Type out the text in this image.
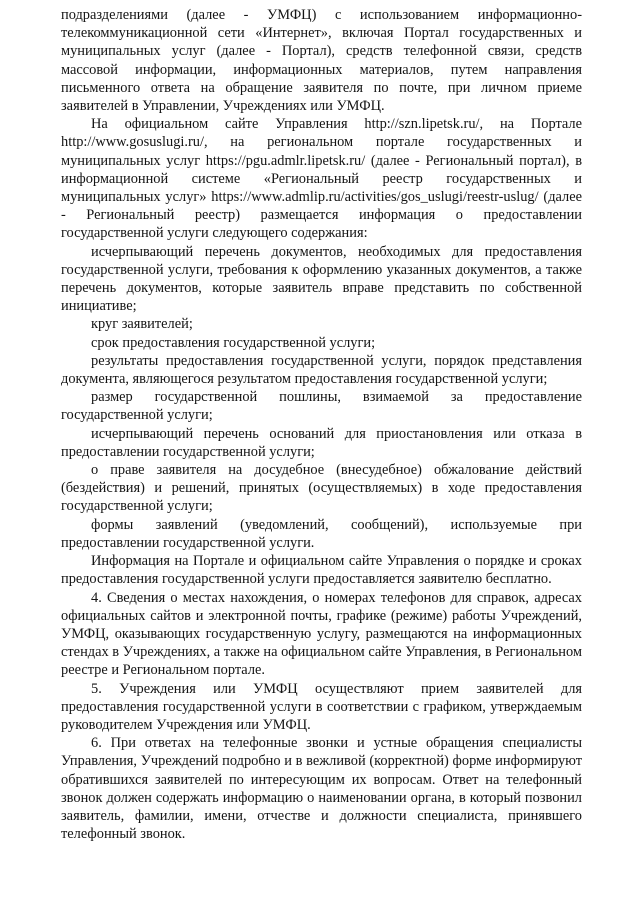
подразделениями (далее - УМФЦ) с использованием информационно-телекоммуникационной сети «Интернет», включая Портал государственных и муниципальных услуг (далее - Портал), средств телефонной связи, средств массовой информации, информационных материалов, путем направления письменного ответа на обращение заявителя по почте, при личном приеме заявителей в Управлении, Учреждениях или УМФЦ.

На официальном сайте Управления http://szn.lipetsk.ru/, на Портале http://www.gosuslugi.ru/, на региональном портале государственных и муниципальных услуг https://pgu.admlr.lipetsk.ru/ (далее - Региональный портал), в информационной системе «Региональный реестр государственных и муниципальных услуг» https://www.admlip.ru/activities/gos_uslugi/reestr-uslug/ (далее - Региональный реестр) размещается информация о предоставлении государственной услуги следующего содержания:

исчерпывающий перечень документов, необходимых для предоставления государственной услуги, требования к оформлению указанных документов, а также перечень документов, которые заявитель вправе представить по собственной инициативе;

круг заявителей;

срок предоставления государственной услуги;

результаты предоставления государственной услуги, порядок представления документа, являющегося результатом предоставления государственной услуги;

размер государственной пошлины, взимаемой за предоставление государственной услуги;

исчерпывающий перечень оснований для приостановления или отказа в предоставлении государственной услуги;

о праве заявителя на досудебное (внесудебное) обжалование действий (бездействия) и решений, принятых (осуществляемых) в ходе предоставления государственной услуги;

формы заявлений (уведомлений, сообщений), используемые при предоставлении государственной услуги.

Информация на Портале и официальном сайте Управления о порядке и сроках предоставления государственной услуги предоставляется заявителю бесплатно.

4. Сведения о местах нахождения, о номерах телефонов для справок, адресах официальных сайтов и электронной почты, графике (режиме) работы Учреждений, УМФЦ, оказывающих государственную услугу, размещаются на информационных стендах в Учреждениях, а также на официальном сайте Управления, в Региональном реестре и Региональном портале.

5. Учреждения или УМФЦ осуществляют прием заявителей для предоставления государственной услуги в соответствии с графиком, утверждаемым руководителем Учреждения или УМФЦ.

6. При ответах на телефонные звонки и устные обращения специалисты Управления, Учреждений подробно и в вежливой (корректной) форме информируют обратившихся заявителей по интересующим их вопросам. Ответ на телефонный звонок должен содержать информацию о наименовании органа, в который позвонил заявитель, фамилии, имени, отчестве и должности специалиста, принявшего телефонный звонок.
